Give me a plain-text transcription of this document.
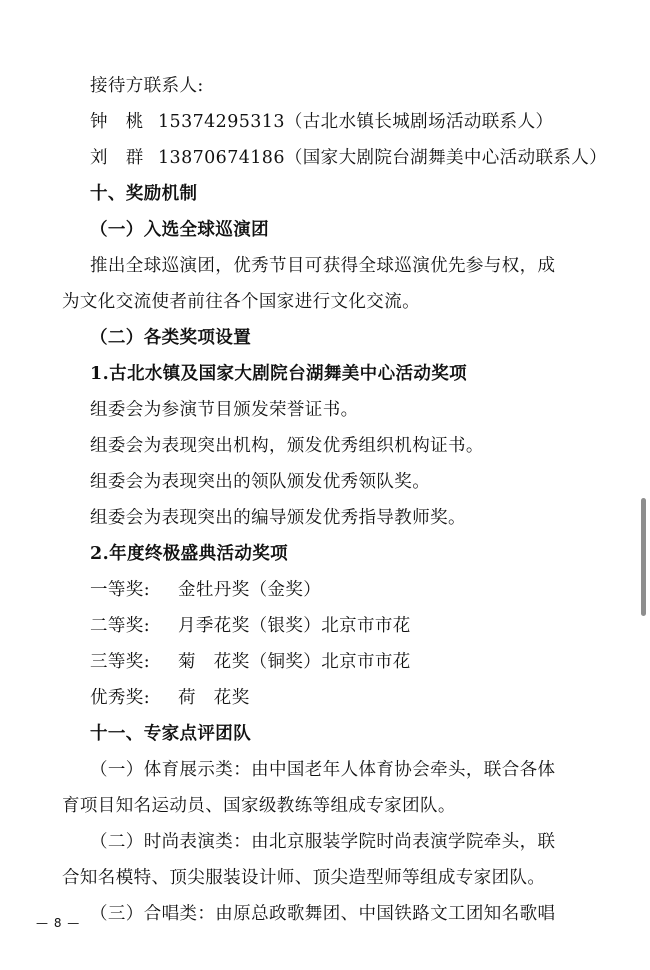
接待方联系人:
钟　桃 15374295313（古北水镇长城剧场活动联系人）
刘　群 13870674186（国家大剧院台湖舞美中心活动联系人）
十、奖励机制
（一）入选全球巡演团
推出全球巡演团，优秀节目可获得全球巡演优先参与权，成
为文化交流使者前往各个国家进行文化交流。
（二）各类奖项设置
1.古北水镇及国家大剧院台湖舞美中心活动奖项
组委会为参演节目颁发荣誉证书。
组委会为表现突出机构，颁发优秀组织机构证书。
组委会为表现突出的领队颁发优秀领队奖。
组委会为表现突出的编导颁发优秀指导教师奖。
2.年度终极盛典活动奖项
一等奖: 金牡丹奖（金奖）
二等奖: 月季花奖（银奖）北京市市花
三等奖: 菊　花奖（铜奖）北京市市花
优秀奖: 荷　花奖
十一、专家点评团队
（一）体育展示类：由中国老年人体育协会牵头，联合各体
育项目知名运动员、国家级教练等组成专家团队。
（二）时尚表演类：由北京服装学院时尚表演学院牵头，联
合知名模特、顶尖服装设计师、顶尖造型师等组成专家团队。
（三）合唱类：由原总政歌舞团、中国铁路文工团知名歌唱
— 8 —
